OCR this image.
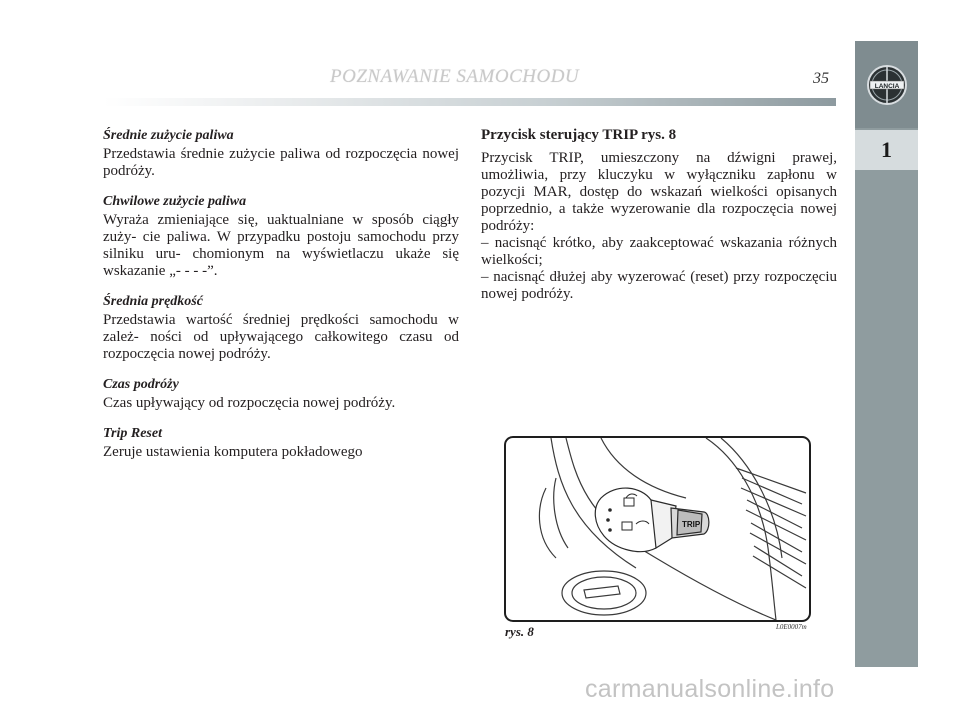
POZNAWANIE SAMOCHODU	35	LANCIA
1
Średnie zużycie paliwa
Przedstawia średnie zużycie paliwa od rozpoczęcia nowej podróży.
Chwilowe zużycie paliwa
Wyraża zmieniające się, uaktualniane w sposób ciągły zuży- cie paliwa. W przypadku postoju samochodu przy silniku uru- chomionym na wyświetlaczu ukaże się wskazanie „- - - -”.
Średnia prędkość
Przedstawia wartość średniej prędkości samochodu w zależ- ności od upływającego całkowitego czasu od rozpoczęcia nowej podróży.
Czas podróży
Czas upływający od rozpoczęcia nowej podróży.
Trip Reset
Zeruje ustawienia komputera pokładowego
Przycisk sterujący TRIP rys. 8

Przycisk TRIP, umieszczony na dźwigni prawej, umożliwia, przy kluczyku w wyłączniku zapłonu w pozycji MAR, dostęp do wskazań wielkości opisanych poprzednio, a także wyzerowanie dla rozpoczęcia nowej podróży:

– nacisnąć krótko, aby zaakceptować wskazania różnych wielkości;

– nacisnąć dłużej aby wyzerować (reset) przy rozpoczęciu nowej podróży.

TRIP
rys. 8	L0E0007m
carmanualsonline.info
